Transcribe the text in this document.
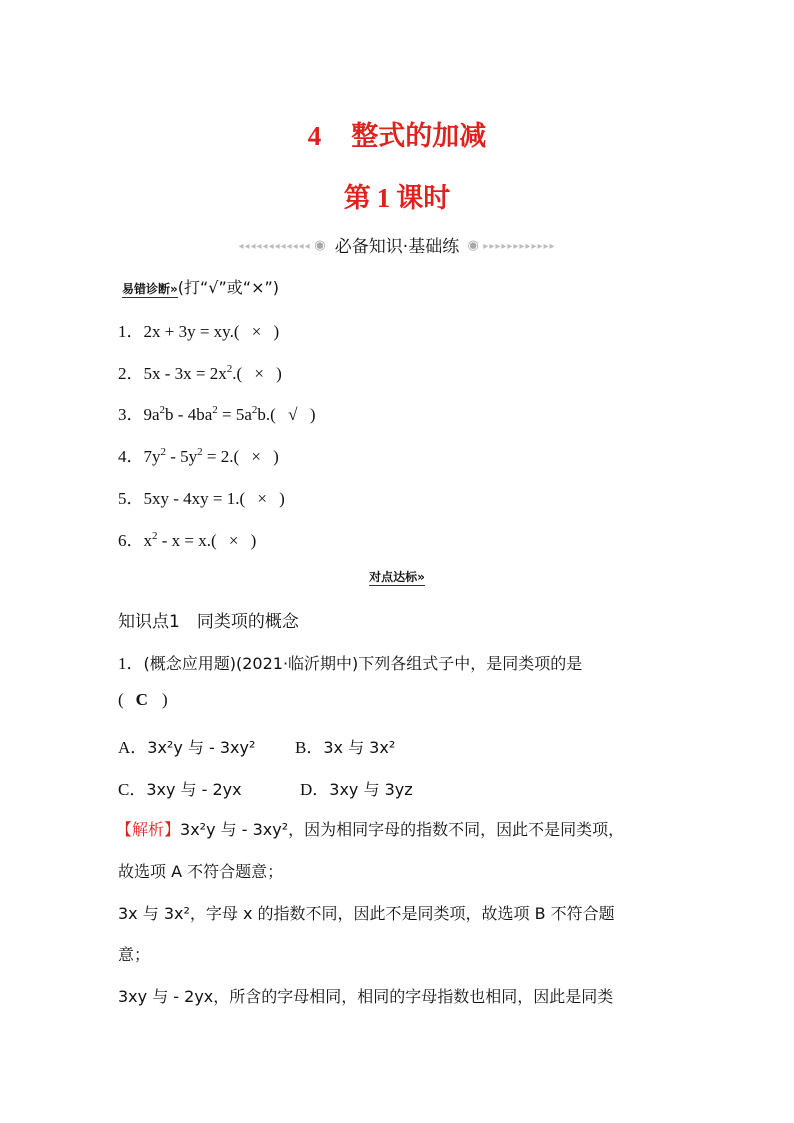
4 整式的加减
第 1 课时
◂◂◂◂◂◂◂◂◂◂◂◂ ◉ 必备知识·基础练 ◉ ▸▸▸▸▸▸▸▸▸▸▸▸
易错诊断»(打“√”或“×”)
1．2x + 3y = xy.( × )
2．$5x - 3x = 2x^2$.( × )
3．$9a^2b - 4ba^2 = 5a^2b$.( √ )
4．$7y^2 - 5y^2 = 2$.( × )
5．5xy - 4xy = 1.( × )
6．$x^2 - x = x$.( × )
对点达标»
知识点1　同类项的概念
1．(概念应用题)(2021·临沂期中)下列各组式子中，是同类项的是
( C )
A．3x²y 与 - 3xy² B．3x 与 3x²
C．3xy 与 - 2yx	D．3xy 与 3yz
【解析】3x²y 与 - 3xy²，因为相同字母的指数不同，因此不是同类项，
故选项 A 不符合题意；
3x 与 3x²，字母 x 的指数不同，因此不是同类项，故选项 B 不符合题
意；
3xy 与 - 2yx，所含的字母相同，相同的字母指数也相同，因此是同类
